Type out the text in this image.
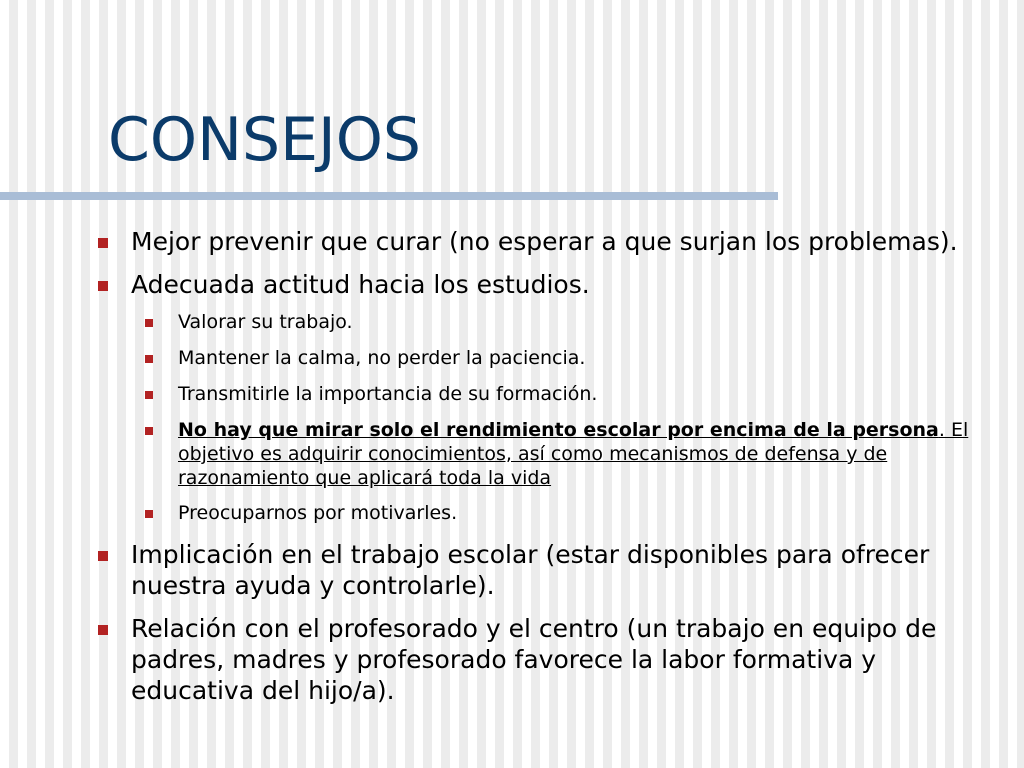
CONSEJOS
Mejor prevenir que curar (no esperar a que surjan los problemas).
Adecuada actitud hacia los estudios.
Valorar su trabajo.
Mantener la calma, no perder la paciencia.
Transmitirle la importancia de su formación.
No hay que mirar solo el rendimiento escolar por encima de la persona. El objetivo es adquirir conocimientos, así como mecanismos de defensa y de razonamiento que aplicará toda la vida
Preocuparnos por motivarles.
Implicación en el trabajo escolar (estar disponibles para ofrecer nuestra ayuda y controlarle).
Relación con el profesorado y el centro (un trabajo en equipo de padres, madres y profesorado favorece la labor formativa y educativa del hijo/a).
